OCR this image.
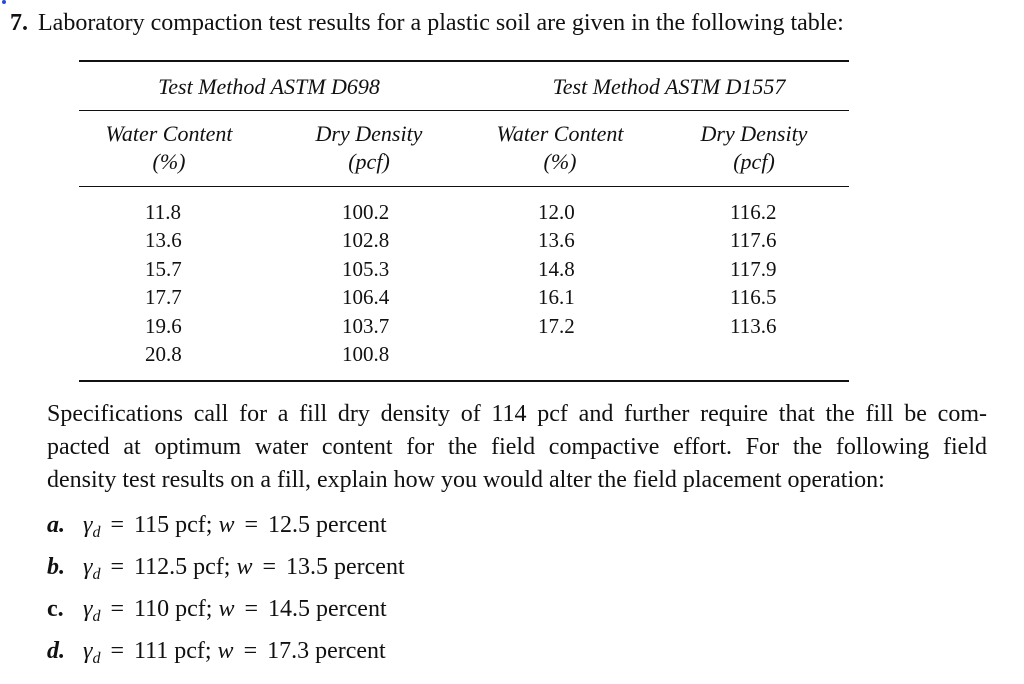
7. Laboratory compaction test results for a plastic soil are given in the following table:
Test Method ASTM D698	Test Method ASTM D1557
Water Content
(%)
Dry Density
(pcf)
Water Content
(%)
Dry Density
(pcf)
11.8
13.6
15.7
17.7
19.6
20.8
100.2
102.8
105.3
106.4
103.7
100.8
12.0
13.6
14.8
16.1
17.2
116.2
117.6
117.9
116.5
113.6
Specifications call for a fill dry density of 114 pcf and further require that the fill be com-
pacted at optimum water content for the field compactive effort. For the following field
density test results on a fill, explain how you would alter the field placement operation:
a. $\gamma_d = 115$ pcf; w = 12.5 percent
b. $\gamma_d = 112.5$ pcf; w = 13.5 percent
c. $\gamma_d = 110$ pcf; w = 14.5 percent
d. $\gamma_d = 111$ pcf; w = 17.3 percent
